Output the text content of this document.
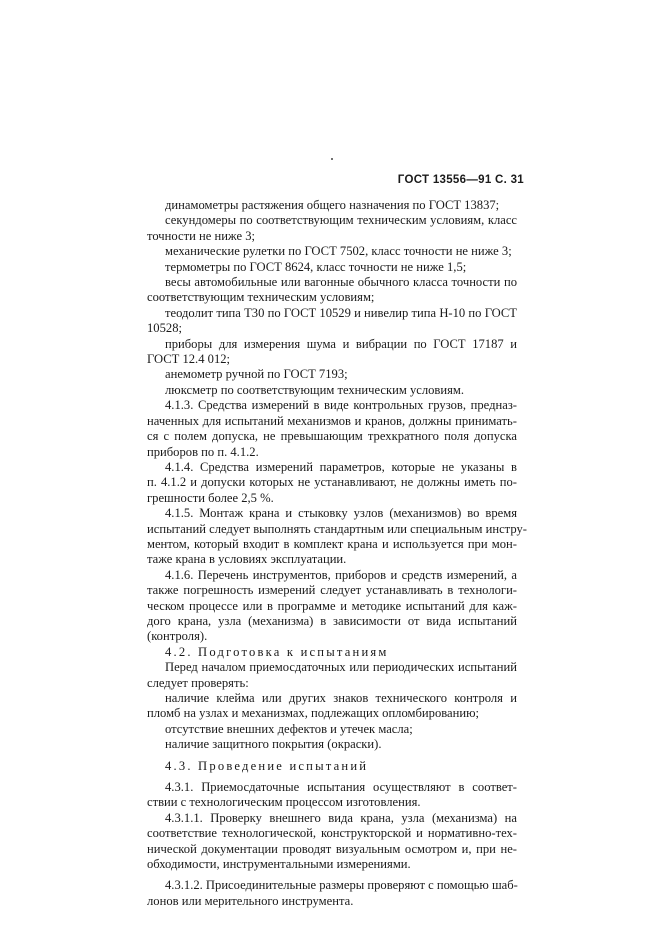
ГОСТ 13556—91 С. 31
динамометры растяжения общего назначения по ГОСТ 13837;
секундомеры по соответствующим техническим условиям, класс
точности не ниже 3;
механические рулетки по ГОСТ 7502, класс точности не ниже 3;
термометры по ГОСТ 8624, класс точности не ниже 1,5;
весы автомобильные или вагонные обычного класса точности по
соответствующим техническим условиям;
теодолит типа Т30 по ГОСТ 10529 и нивелир типа Н-10 по ГОСТ
10528;
приборы для измерения шума и вибрации по ГОСТ 17187 и
ГОСТ 12.4 012;
анемометр ручной по ГОСТ 7193;
люксметр по соответствующим техническим условиям.
4.1.3. Средства измерений в виде контрольных грузов, предназ-
наченных для испытаний механизмов и кранов, должны принимать-
ся с полем допуска, не превышающим трехкратного поля допуска
приборов по п. 4.1.2.
4.1.4. Средства измерений параметров, которые не указаны в
п. 4.1.2 и допуски которых не устанавливают, не должны иметь по-
грешности более 2,5 %.
4.1.5. Монтаж крана и стыковку узлов (механизмов) во время
испытаний следует выполнять стандартным или специальным инстру-
ментом, который входит в комплект крана и используется при мон-
таже крана в условиях эксплуатации.
4.1.6. Перечень инструментов, приборов и средств измерений, а
также погрешность измерений следует устанавливать в технологи-
ческом процессе или в программе и методике испытаний для каж-
дого крана, узла (механизма) в зависимости от вида испытаний
(контроля).
4.2. Подготовка к испытаниям
Перед началом приемосдаточных или периодических испытаний
следует проверять:
наличие клейма или других знаков технического контроля и
пломб на узлах и механизмах, подлежащих опломбированию;
отсутствие внешних дефектов и утечек масла;
наличие защитного покрытия (окраски).
4.3. Проведение испытаний
4.3.1. Приемосдаточные испытания осуществляют в соответ-
ствии с технологическим процессом изготовления.
4.3.1.1. Проверку внешнего вида крана, узла (механизма) на
соответствие технологической, конструкторской и нормативно-тех-
нической документации проводят визуальным осмотром и, при не-
обходимости, инструментальными измерениями.
4.3.1.2. Присоединительные размеры проверяют с помощью шаб-
лонов или мерительного инструмента.
